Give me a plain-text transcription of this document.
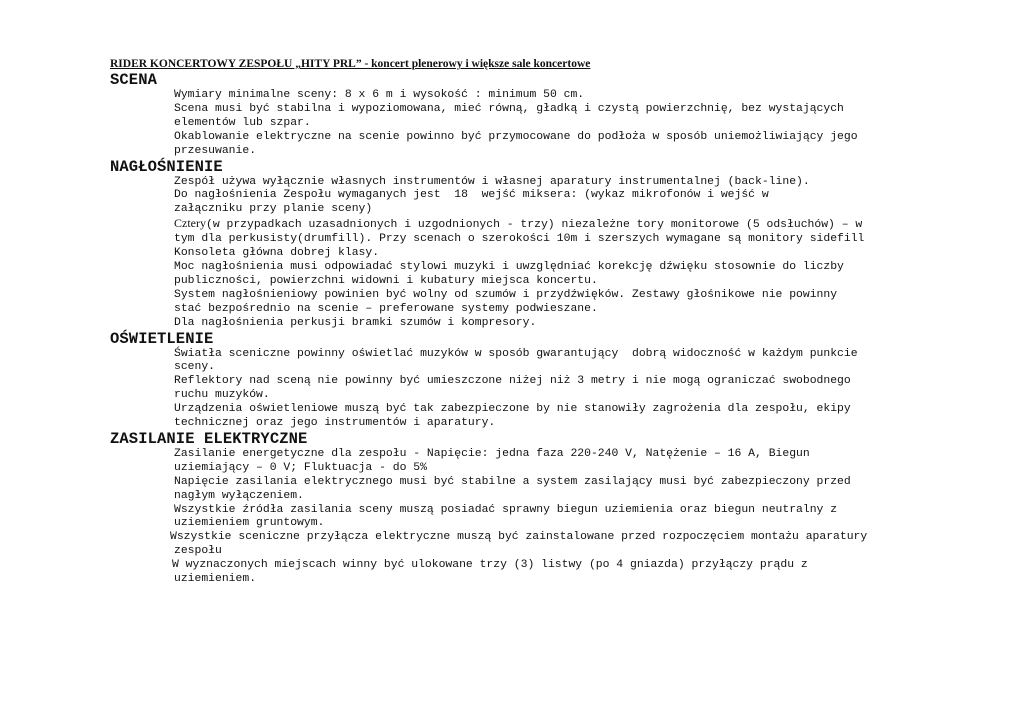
RIDER KONCERTOWY ZESPOŁU „HITY PRL” - koncert plenerowy i większe sale koncertowe
SCENA
Wymiary minimalne sceny: 8 x 6 m i wysokość : minimum 50 cm.
Scena musi być stabilna i wypoziomowana, mieć równą, gładką i czystą powierzchnię, bez wystających
elementów lub szpar.
Okablowanie elektryczne na scenie powinno być przymocowane do podłoża w sposób uniemożliwiający jego
przesuwanie.
NAGŁOŚNIENIE
Zespół używa wyłącznie własnych instrumentów i własnej aparatury instrumentalnej (back-line).
Do nagłośnienia Zespołu wymaganych jest  18  wejść miksera: (wykaz mikrofonów i wejść w
załączniku przy planie sceny)
Cztery(w przypadkach uzasadnionych i uzgodnionych - trzy) niezależne tory monitorowe (5 odsłuchów) – w
tym dla perkusisty(drumfill). Przy scenach o szerokości 10m i szerszych wymagane są monitory sidefill
Konsoleta główna dobrej klasy.
Moc nagłośnienia musi odpowiadać stylowi muzyki i uwzględniać korekcję dźwięku stosownie do liczby
publiczności, powierzchni widowni i kubatury miejsca koncertu.
System nagłośnieniowy powinien być wolny od szumów i przydźwięków. Zestawy głośnikowe nie powinny
stać bezpośrednio na scenie – preferowane systemy podwieszane.
Dla nagłośnienia perkusji bramki szumów i kompresory.
OŚWIETLENIE
Światła sceniczne powinny oświetlać muzyków w sposób gwarantujący  dobrą widoczność w każdym punkcie
sceny.
Reflektory nad sceną nie powinny być umieszczone niżej niż 3 metry i nie mogą ograniczać swobodnego
ruchu muzyków.
Urządzenia oświetleniowe muszą być tak zabezpieczone by nie stanowiły zagrożenia dla zespołu, ekipy
technicznej oraz jego instrumentów i aparatury.
ZASILANIE ELEKTRYCZNE
Zasilanie energetyczne dla zespołu - Napięcie: jedna faza 220-240 V, Natężenie – 16 A, Biegun
uziemiający – 0 V; Fluktuacja - do 5%
Napięcie zasilania elektrycznego musi być stabilne a system zasilający musi być zabezpieczony przed
nagłym wyłączeniem.
Wszystkie źródła zasilania sceny muszą posiadać sprawny biegun uziemienia oraz biegun neutralny z
uziemieniem gruntowym.
Wszystkie sceniczne przyłącza elektryczne muszą być zainstalowane przed rozpoczęciem montażu aparatury
zespołu
W wyznaczonych miejscach winny być ulokowane trzy (3) listwy (po 4 gniazda) przyłączy prądu z
uziemieniem.
